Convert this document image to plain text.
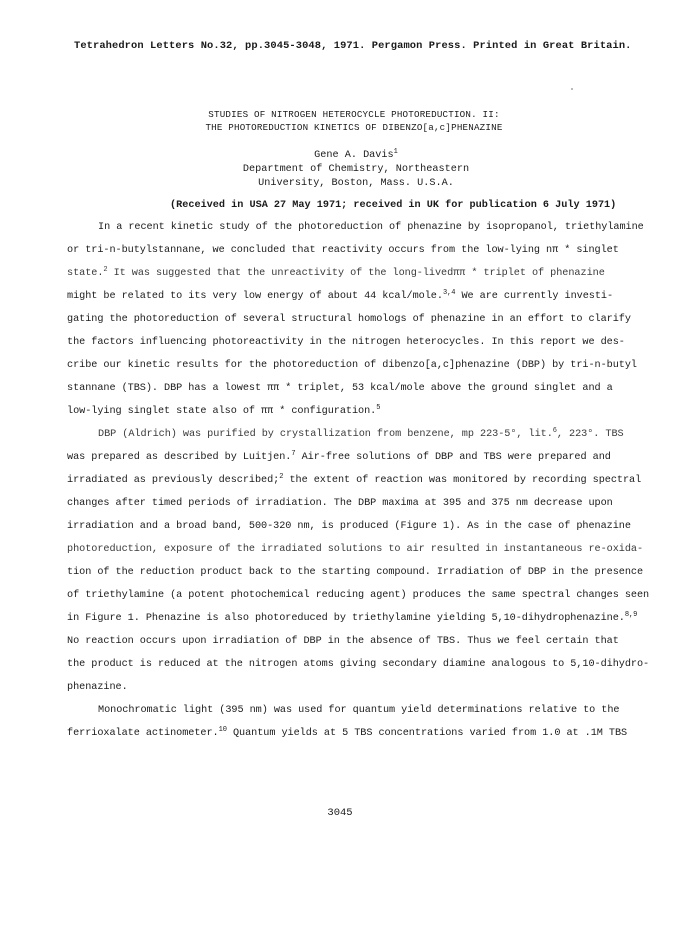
Tetrahedron Letters No.32, pp.3045-3048, 1971. Pergamon Press. Printed in Great Britain.
STUDIES OF NITROGEN HETEROCYCLE PHOTOREDUCTION. II:
THE PHOTOREDUCTION KINETICS OF DIBENZO[a,c]PHENAZINE
Gene A. Davis$^1$
Department of Chemistry, Northeastern
University, Boston, Mass. U.S.A.
(Received in USA 27 May 1971; received in UK for publication 6 July 1971)
In a recent kinetic study of the photoreduction of phenazine by isopropanol, triethylamine
or tri-n-butylstannane, we concluded that reactivity occurs from the low-lying nπ * singlet
state.$^2$ It was suggested that the unreactivity of the long-livedππ * triplet of phenazine
might be related to its very low energy of about 44 kcal/mole.$^{3,4}$ We are currently investi-
gating the photoreduction of several structural homologs of phenazine in an effort to clarify
the factors influencing photoreactivity in the nitrogen heterocycles. In this report we des-
cribe our kinetic results for the photoreduction of dibenzo[a,c]phenazine (DBP) by tri-n-butyl
stannane (TBS). DBP has a lowest ππ * triplet, 53 kcal/mole above the ground singlet and a
low-lying singlet state also of ππ * configuration.$^5$
DBP (Aldrich) was purified by crystallization from benzene, mp 223-5°, lit.$^6$, 223°. TBS
was prepared as described by Luitjen.$^7$ Air-free solutions of DBP and TBS were prepared and
irradiated as previously described;$^2$ the extent of reaction was monitored by recording spectral
changes after timed periods of irradiation. The DBP maxima at 395 and 375 nm decrease upon
irradiation and a broad band, 500-320 nm, is produced (Figure 1). As in the case of phenazine
photoreduction, exposure of the irradiated solutions to air resulted in instantaneous re-oxida-
tion of the reduction product back to the starting compound. Irradiation of DBP in the presence
of triethylamine (a potent photochemical reducing agent) produces the same spectral changes seen
in Figure 1. Phenazine is also photoreduced by triethylamine yielding 5,10-dihydrophenazine.$^{8,9}$
No reaction occurs upon irradiation of DBP in the absence of TBS. Thus we feel certain that
the product is reduced at the nitrogen atoms giving secondary diamine analogous to 5,10-dihydro-
phenazine.
Monochromatic light (395 nm) was used for quantum yield determinations relative to the
ferrioxalate actinometer.$^{10}$ Quantum yields at 5 TBS concentrations varied from 1.0 at .1M TBS
3045
